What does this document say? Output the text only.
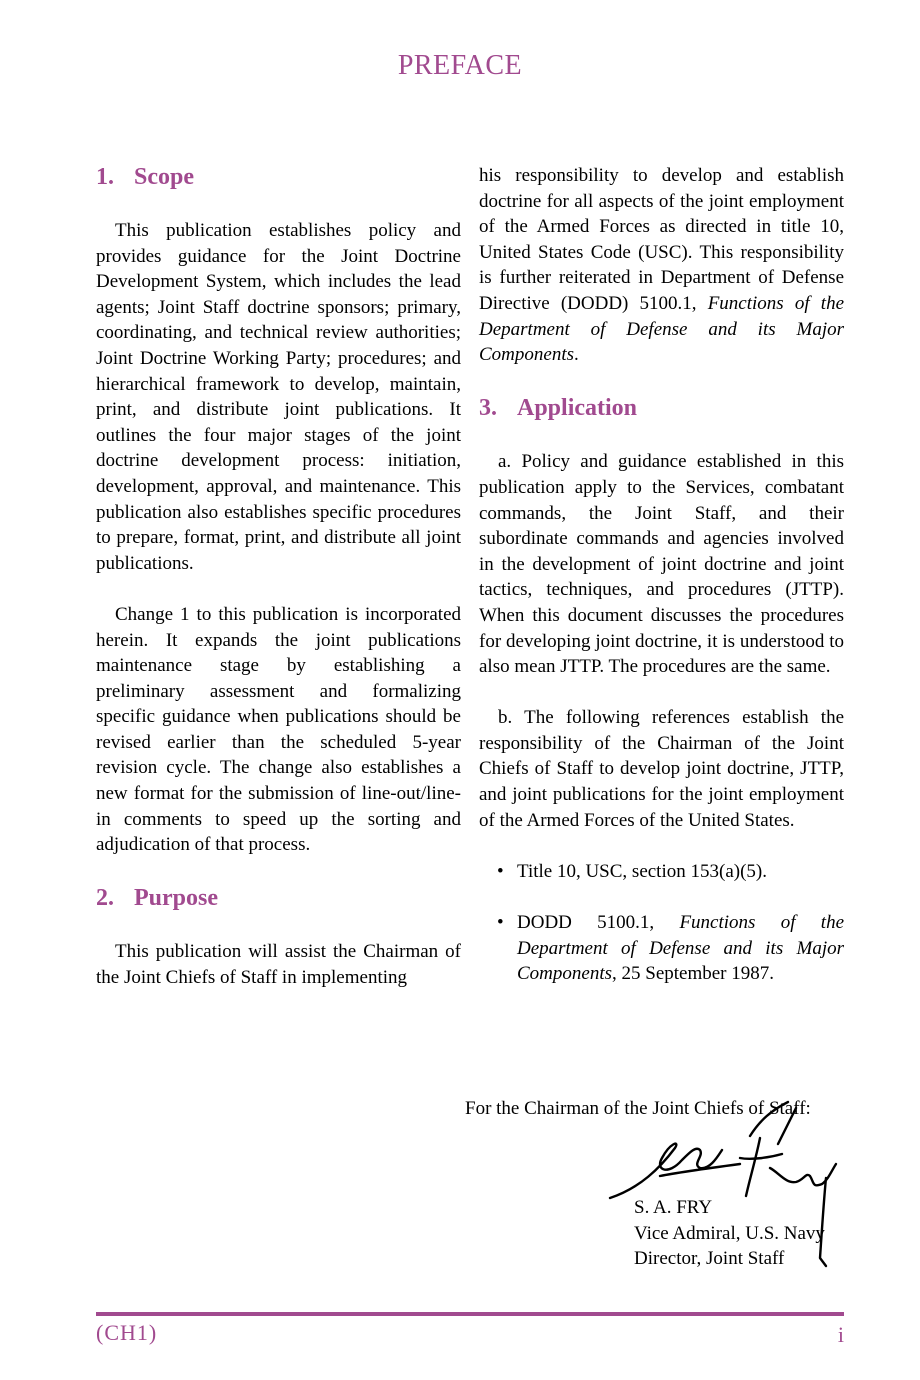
PREFACE
1. Scope

This publication establishes policy and provides guidance for the Joint Doctrine Development System, which includes the lead agents; Joint Staff doctrine sponsors; primary, coordinating, and technical review authorities; Joint Doctrine Working Party; procedures; and hierarchical framework to develop, maintain, print, and distribute joint publications. It outlines the four major stages of the joint doctrine development process: initiation, development, approval, and maintenance. This publication also establishes specific procedures to prepare, format, print, and distribute all joint publications.

Change 1 to this publication is incorporated herein. It expands the joint publications maintenance stage by establishing a preliminary assessment and formalizing specific guidance when publications should be revised earlier than the scheduled 5-year revision cycle. The change also establishes a new format for the submission of line-out/line-in comments to speed up the sorting and adjudication of that process.

2. Purpose

This publication will assist the Chairman of the Joint Chiefs of Staff in implementing

his responsibility to develop and establish doctrine for all aspects of the joint employment of the Armed Forces as directed in title 10, United States Code (USC). This responsibility is further reiterated in Department of Defense Directive (DODD) 5100.1, Functions of the Department of Defense and its Major Components.

3. Application

a. Policy and guidance established in this publication apply to the Services, combatant commands, the Joint Staff, and their subordinate commands and agencies involved in the development of joint doctrine and joint tactics, techniques, and procedures (JTTP). When this document discusses the procedures for developing joint doctrine, it is understood to also mean JTTP. The procedures are the same.

b. The following references establish the responsibility of the Chairman of the Joint Chiefs of Staff to develop joint doctrine, JTTP, and joint publications for the joint employment of the Armed Forces of the United States.

• Title 10, USC, section 153(a)(5).
• DODD 5100.1, Functions of the Department of Defense and its Major Components, 25 September 1987.
For the Chairman of the Joint Chiefs of Staff:
S. A. FRY
Vice Admiral, U.S. Navy
Director, Joint Staff
(CH1)	i
